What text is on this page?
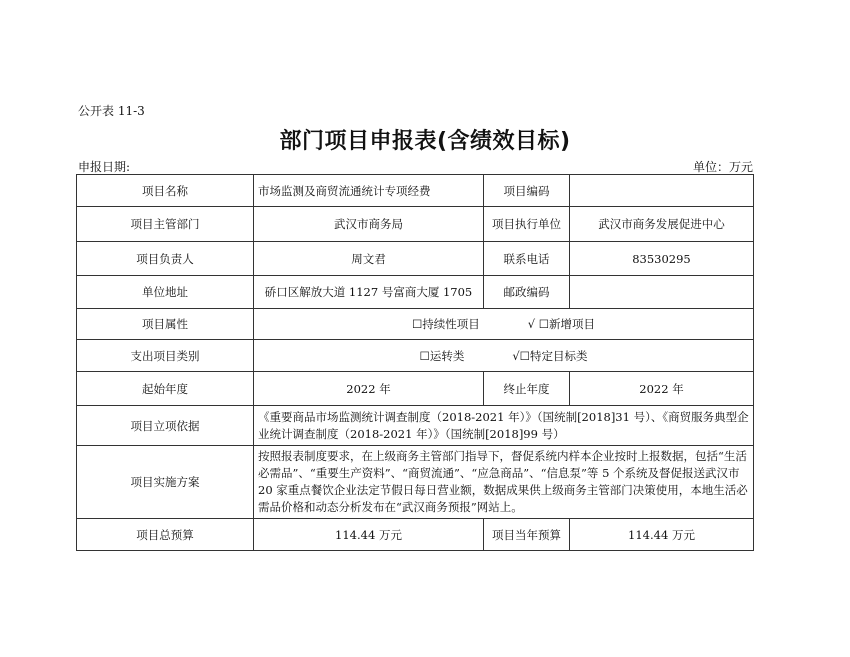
公开表 11-3
部门项目申报表(含绩效目标)
申报日期:	单位：万元
项目名称	市场监测及商贸流通统计专项经费	项目编码	
项目主管部门	武汉市商务局	项目执行单位	武汉市商务发展促进中心
项目负责人	周文君	联系电话	83530295
单位地址	硚口区解放大道 1127 号富商大厦 1705	邮政编码	
项目属性	☐持续性项目 √ ☐新增项目		
支出项目类别	☐运转类 √☐特定目标类		
起始年度	2022 年	终止年度	2022 年
项目立项依据	《重要商品市场监测统计调查制度（2018-2021 年）》（国统制[2018]31 号）、《商贸服务典型企业统计调查制度（2018-2021 年）》（国统制[2018]99 号）		
项目实施方案	按照报表制度要求，在上级商务主管部门指导下，督促系统内样本企业按时上报数据，包括“生活必需品”、“重要生产资料”、“商贸流通”、“应急商品”、“信息泵”等 5 个系统及督促报送武汉市 20 家重点餐饮企业法定节假日每日营业额，数据成果供上级商务主管部门决策使用，本地生活必需品价格和动态分析发布在“武汉商务预报”网站上。		
项目总预算	114.44 万元	项目当年预算	114.44 万元
